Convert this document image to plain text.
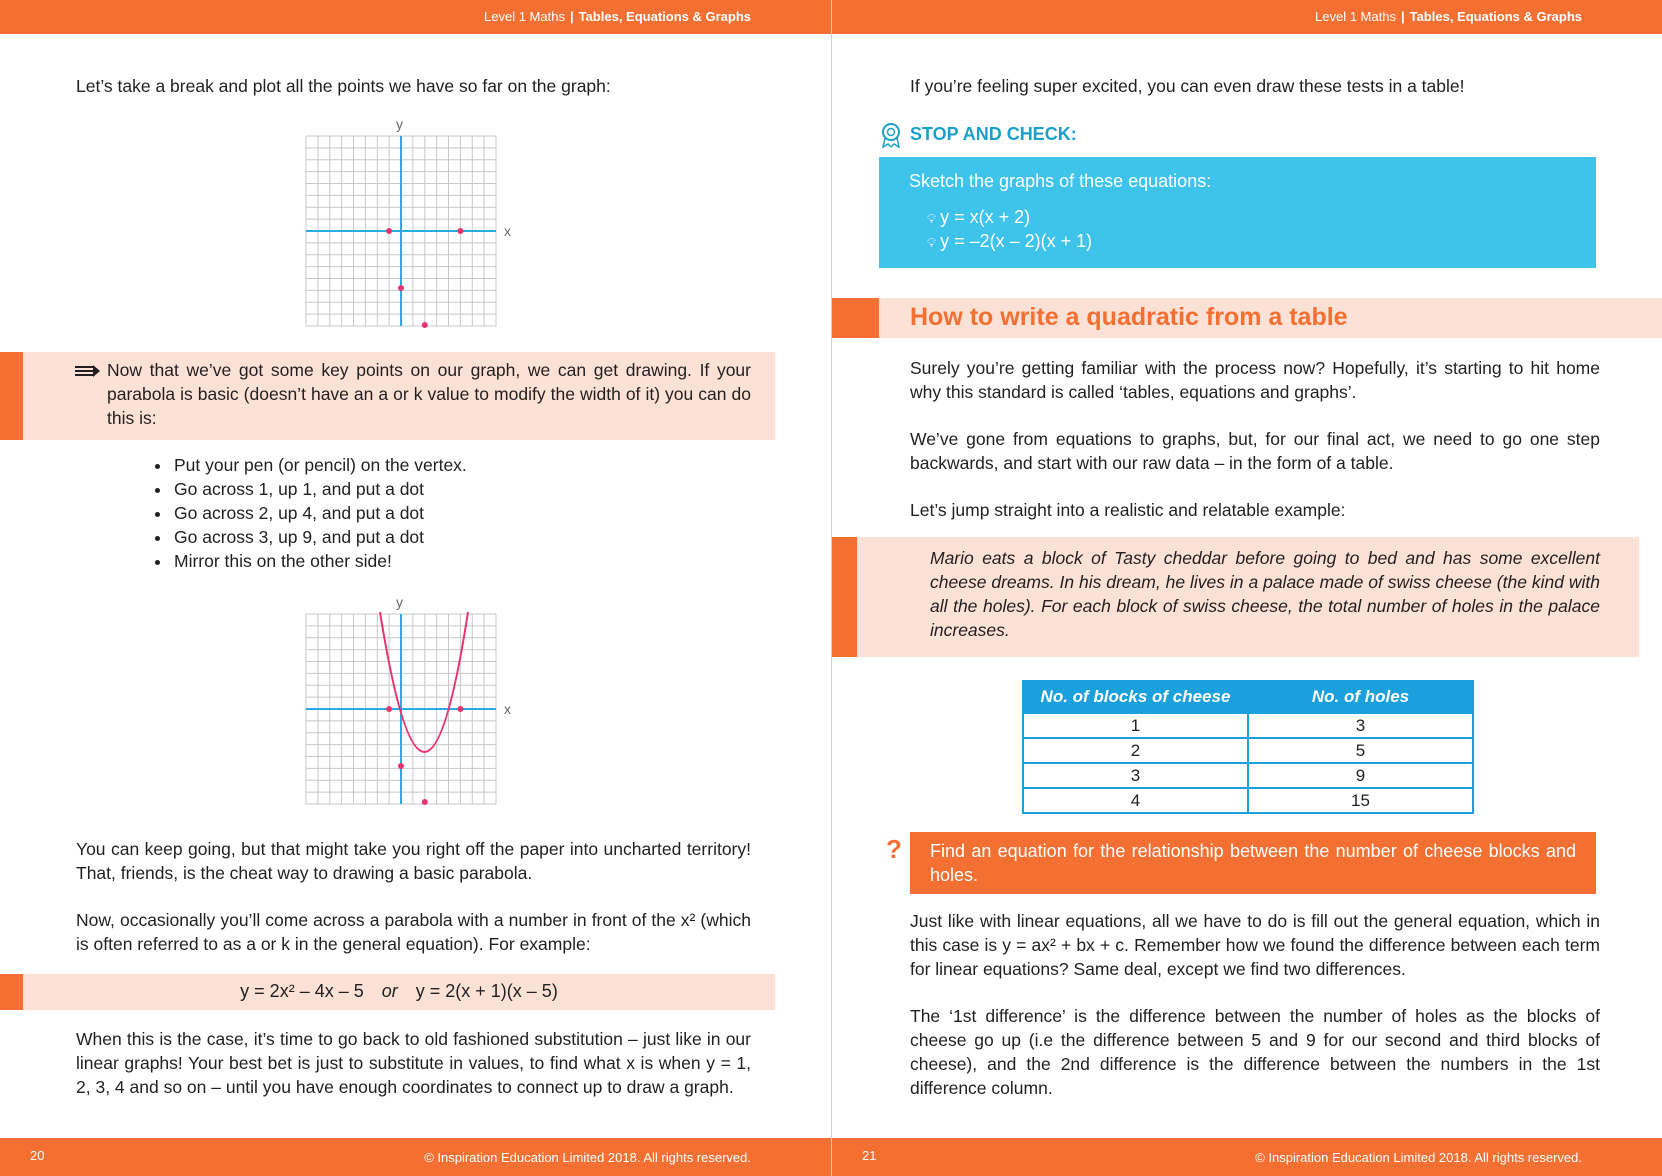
Level 1 Maths | Tables, Equations & Graphs

Let’s take a break and plot all the points we have so far on the graph:

y
x

Now that we’ve got some key points on our graph, we can get drawing. If your parabola is basic (doesn’t have an a or k value to modify the width of it) you can do this is:

• Put your pen (or pencil) on the vertex.
• Go across 1, up 1, and put a dot
• Go across 2, up 4, and put a dot
• Go across 3, up 9, and put a dot
• Mirror this on the other side!
y
x

You can keep going, but that might take you right off the paper into uncharted territory! That, friends, is the cheat way to drawing a basic parabola.

Now, occasionally you’ll come across a parabola with a number in front of the x² (which is often referred to as a or k in the general equation). For example:

y = 2x² – 4x – 5 or y = 2(x + 1)(x – 5)

When this is the case, it’s time to go back to old fashioned substitution – just like in our linear graphs! Your best bet is just to substitute in values, to find what x is when y = 1, 2, 3, 4 and so on – until you have enough coordinates to connect up to draw a graph.

20	© Inspiration Education Limited 2018. All rights reserved.
Level 1 Maths | Tables, Equations & Graphs

If you’re feeling super excited, you can even draw these tests in a table!

STOP AND CHECK:
Sketch the graphs of these equations:
💡︎ y = x(x + 2)
💡︎ y = –2(x – 2)(x + 1)
How to write a quadratic from a table

Surely you’re getting familiar with the process now? Hopefully, it’s starting to hit home why this standard is called ‘tables, equations and graphs’.

We’ve gone from equations to graphs, but, for our final act, we need to go one step backwards, and start with our raw data – in the form of a table.

Let’s jump straight into a realistic and relatable example:

Mario eats a block of Tasty cheddar before going to bed and has some excellent cheese dreams. In his dream, he lives in a palace made of swiss cheese (the kind with all the holes). For each block of swiss cheese, the total number of holes in the palace increases.

No. of blocks of cheese	No. of holes
1	3
2	5
3	9
4	15
?	Find an equation for the relationship between the number of cheese blocks and holes.

Just like with linear equations, all we have to do is fill out the general equation, which in this case is y = ax² + bx + c. Remember how we found the difference between each term for linear equations? Same deal, except we find two differences.

The ‘1st difference’ is the difference between the number of holes as the blocks of cheese go up (i.e the difference between 5 and 9 for our second and third blocks of cheese), and the 2nd difference is the difference between the numbers in the 1st difference column.

21	© Inspiration Education Limited 2018. All rights reserved.
